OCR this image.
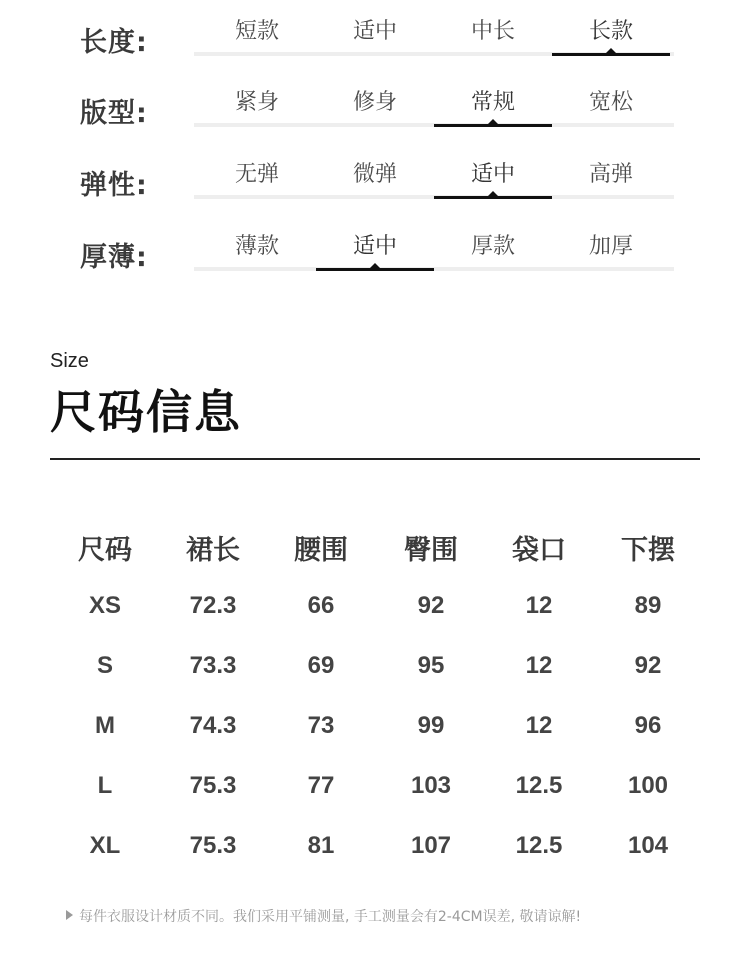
长度:	短款	适中	中长	长款
版型:	紧身	修身	常规	宽松
弹性:	无弹	微弹	适中	高弹
厚薄:	薄款	适中	厚款	加厚
Size
尺码信息
尺码	裙长	腰围	臀围	袋口	下摆
XS	72.3	66	92	12	89
S	73.3	69	95	12	92
M	74.3	73	99	12	96
L	75.3	77	103	12.5	100
XL	75.3	81	107	12.5	104
每件衣服设计材质不同。我们采用平铺测量, 手工测量会有2-4CM误差, 敬请谅解!
